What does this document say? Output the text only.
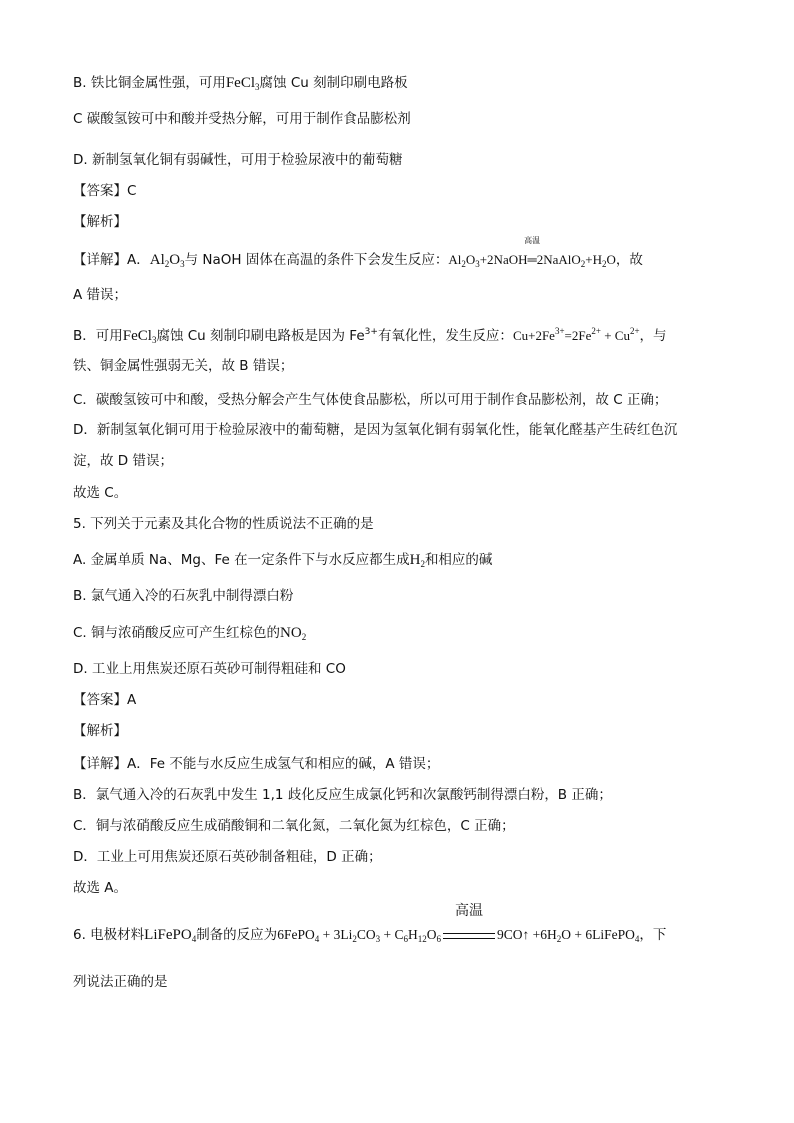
B. 铁比铜金属性强，可用FeCl$_3$腐蚀 Cu 刻制印刷电路板
C 碳酸氢铵可中和酸并受热分解，可用于制作食品膨松剂
D. 新制氢氧化铜有弱碱性，可用于检验尿液中的葡萄糖
【答案】C
【解析】
【详解】A．$Al_2O_3$与 NaOH 固体在高温的条件下会发生反应：$Al_2O_3+2NaOH$
高温
$═2NaAlO_2+H_2O$，故
A 错误；
B．可用FeCl$_3$腐蚀 Cu 刻制印刷电路板是因为 $Fe^{3+}$有氧化性，发生反应：$Cu+2Fe^{3+}=2Fe^{2+} + Cu^{2+}$，与
铁、铜金属性强弱无关，故 B 错误；
C．碳酸氢铵可中和酸，受热分解会产生气体使食品膨松，所以可用于制作食品膨松剂，故 C 正确；
D．新制氢氧化铜可用于检验尿液中的葡萄糖，是因为氢氧化铜有弱氧化性，能氧化醛基产生砖红色沉
淀，故 D 错误；
故选 C。
5. 下列关于元素及其化合物的性质说法不正确的是
A. 金属单质 Na、Mg、Fe 在一定条件下与水反应都生成$H_2$和相应的碱
B. 氯气通入冷的石灰乳中制得漂白粉
C. 铜与浓硝酸反应可产生红棕色的$NO_2$
D. 工业上用焦炭还原石英砂可制得粗硅和 CO
【答案】A
【解析】
【详解】A．Fe 不能与水反应生成氢气和相应的碱，A 错误；
B．氯气通入冷的石灰乳中发生 1,1 歧化反应生成氯化钙和次氯酸钙制得漂白粉，B 正确；
C．铜与浓硝酸反应生成硝酸铜和二氧化氮，二氧化氮为红棕色，C 正确；
D．工业上可用焦炭还原石英砂制备粗硅，D 正确；
故选 A。
6. 电极材料LiFePO$_4$制备的反应为6FePO$_4$ + $3Li_2CO_3 + C_6H_{12}O_6$
高温
9CO↑ $+6H_2O$ + 6LiFePO$_4$，下
列说法正确的是
